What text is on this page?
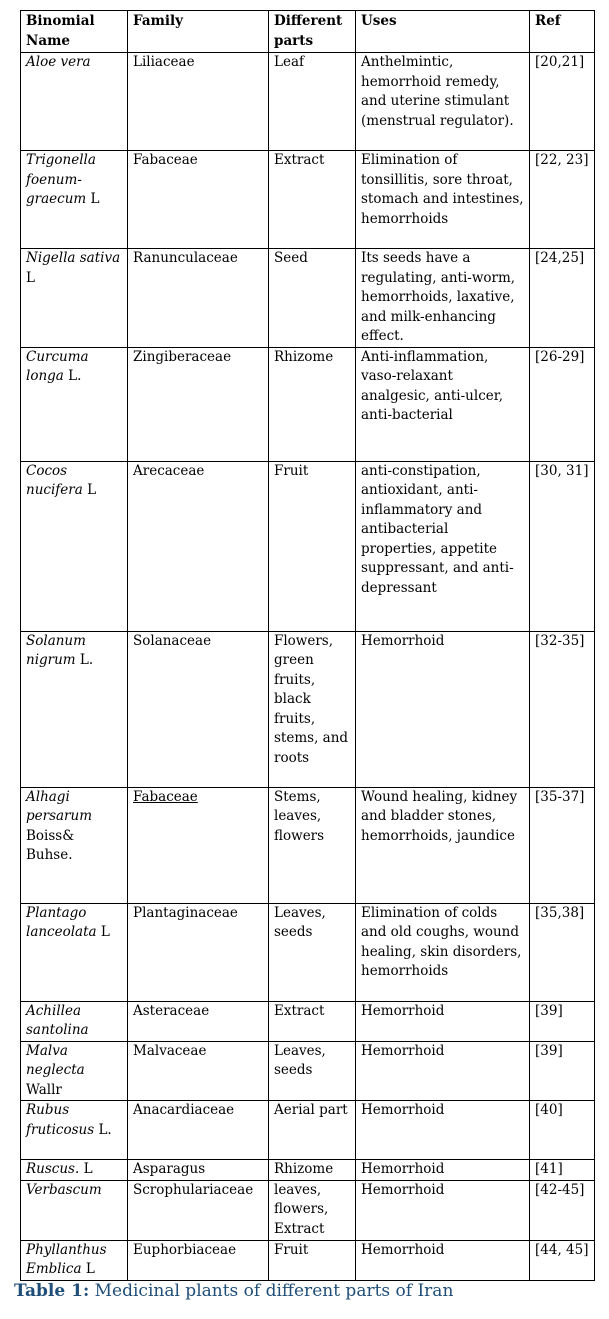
Binomial Name	Family	Different parts	Uses	Ref
Aloe vera	Liliaceae	Leaf	Anthelmintic, hemorrhoid remedy, and uterine stimulant (menstrual regulator).	[20,21]
Trigonella foenum-graecum L	Fabaceae	Extract	Elimination of tonsillitis, sore throat, stomach and intestines, hemorrhoids	[22, 23]
Nigella sativa L	Ranunculaceae	Seed	Its seeds have a regulating, anti-worm, hemorrhoids, laxative, and milk-enhancing effect.	[24,25]
Curcuma longa L.	Zingiberaceae	Rhizome	Anti-inflammation, vaso-relaxant analgesic, anti-ulcer, anti-bacterial	[26-29]
Cocos nucifera L	Arecaceae	Fruit	anti-constipation, antioxidant, anti-inflammatory and antibacterial properties, appetite suppressant, and anti-depressant	[30, 31]
Solanum nigrum L.	Solanaceae	Flowers, green fruits, black fruits, stems, and roots	Hemorrhoid	[32-35]
Alhagi persarum Boiss& Buhse.	Fabaceae	Stems, leaves, flowers	Wound healing, kidney and bladder stones, hemorrhoids, jaundice	[35-37]
Plantago lanceolata L	Plantaginaceae	Leaves, seeds	Elimination of colds and old coughs, wound healing, skin disorders, hemorrhoids	[35,38]
Achillea santolina	Asteraceae	Extract	Hemorrhoid	[39]
Malva neglecta Wallr	Malvaceae	Leaves, seeds	Hemorrhoid	[39]
Rubus fruticosus L.	Anacardiaceae	Aerial part	Hemorrhoid	[40]
Ruscus. L	Asparagus	Rhizome	Hemorrhoid	[41]
Verbascum	Scrophulariaceae	leaves, flowers, Extract	Hemorrhoid	[42-45]
Phyllanthus Emblica L	Euphorbiaceae	Fruit	Hemorrhoid	[44, 45]
Table 1: Medicinal plants of different parts of Iran
